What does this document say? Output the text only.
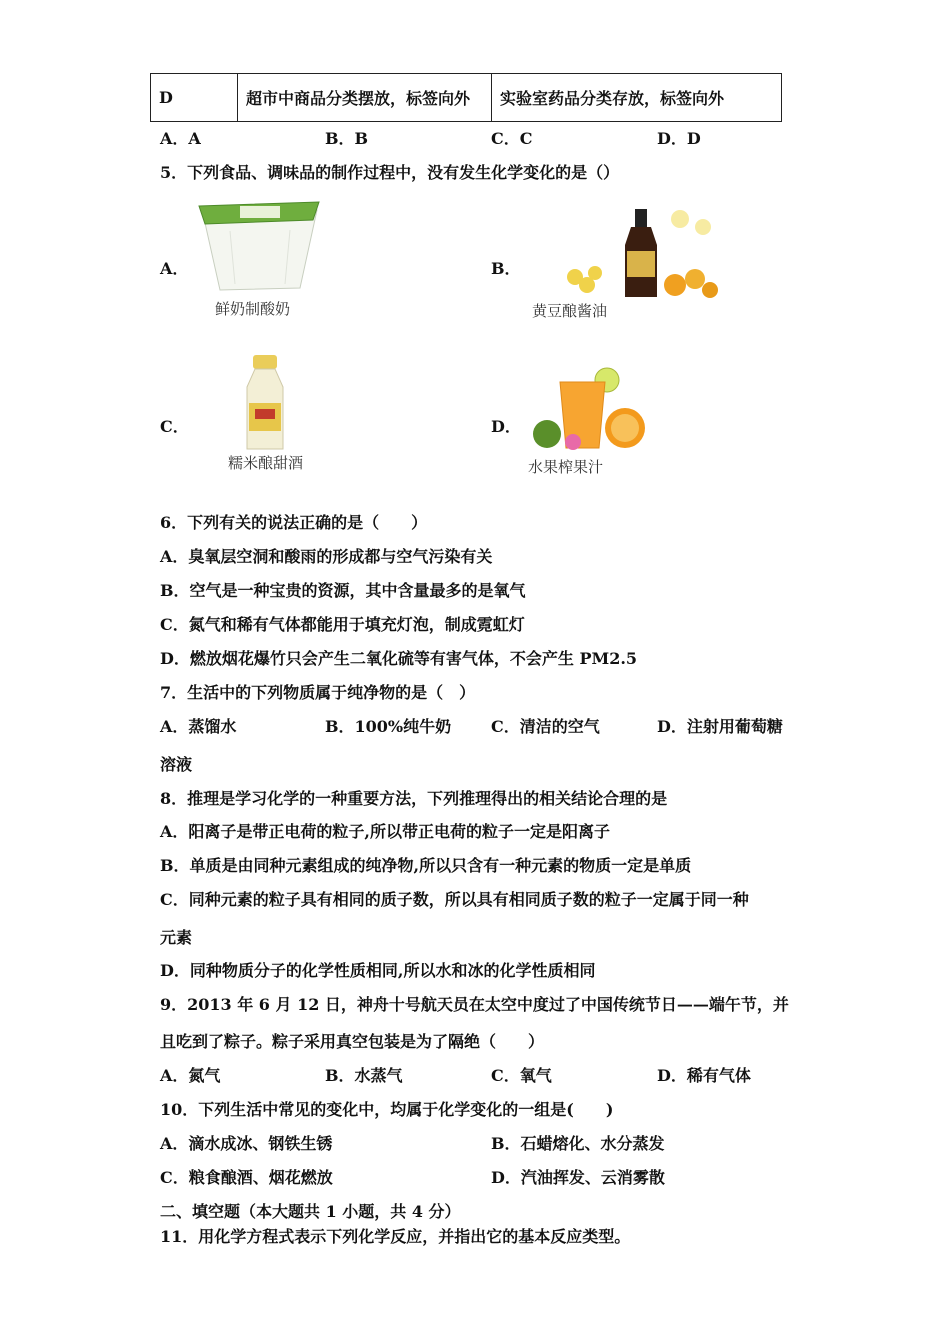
D	超市中商品分类摆放，标签向外	实验室药品分类存放，标签向外
A．A	B．B	C．C	D．D
5．下列食品、调味品的制作过程中，没有发生化学变化的是（）
A．
鲜奶制酸奶
B．
黄豆酿酱油
C．
糯米酿甜酒
D．
水果榨果汁
6．下列有关的说法正确的是（　　）
A．臭氧层空洞和酸雨的形成都与空气污染有关
B．空气是一种宝贵的资源，其中含量最多的是氧气
C．氮气和稀有气体都能用于填充灯泡，制成霓虹灯
D．燃放烟花爆竹只会产生二氧化硫等有害气体，不会产生 PM2.5
7．生活中的下列物质属于纯净物的是（　）
A．蒸馏水	B．100%纯牛奶 C．清洁的空气	D．注射用葡萄糖
溶液
8．推理是学习化学的一种重要方法，下列推理得出的相关结论合理的是
A．阳离子是带正电荷的粒子,所以带正电荷的粒子一定是阳离子
B．单质是由同种元素组成的纯净物,所以只含有一种元素的物质一定是单质
C．同种元素的粒子具有相同的质子数，所以具有相同质子数的粒子一定属于同一种
元素
D．同种物质分子的化学性质相同,所以水和冰的化学性质相同
9．2013 年 6 月 12 日，神舟十号航天员在太空中度过了中国传统节日——端午节，并
且吃到了粽子。粽子采用真空包装是为了隔绝（　　）
A．氮气	B．水蒸气	C．氧气	D．稀有气体
10．下列生活中常见的变化中，均属于化学变化的一组是(　　)
A．滴水成冰、钢铁生锈	B．石蜡熔化、水分蒸发
C．粮食酿酒、烟花燃放	D．汽油挥发、云消雾散
二、填空题（本大题共 1 小题，共 4 分）
11．用化学方程式表示下列化学反应，并指出它的基本反应类型。
